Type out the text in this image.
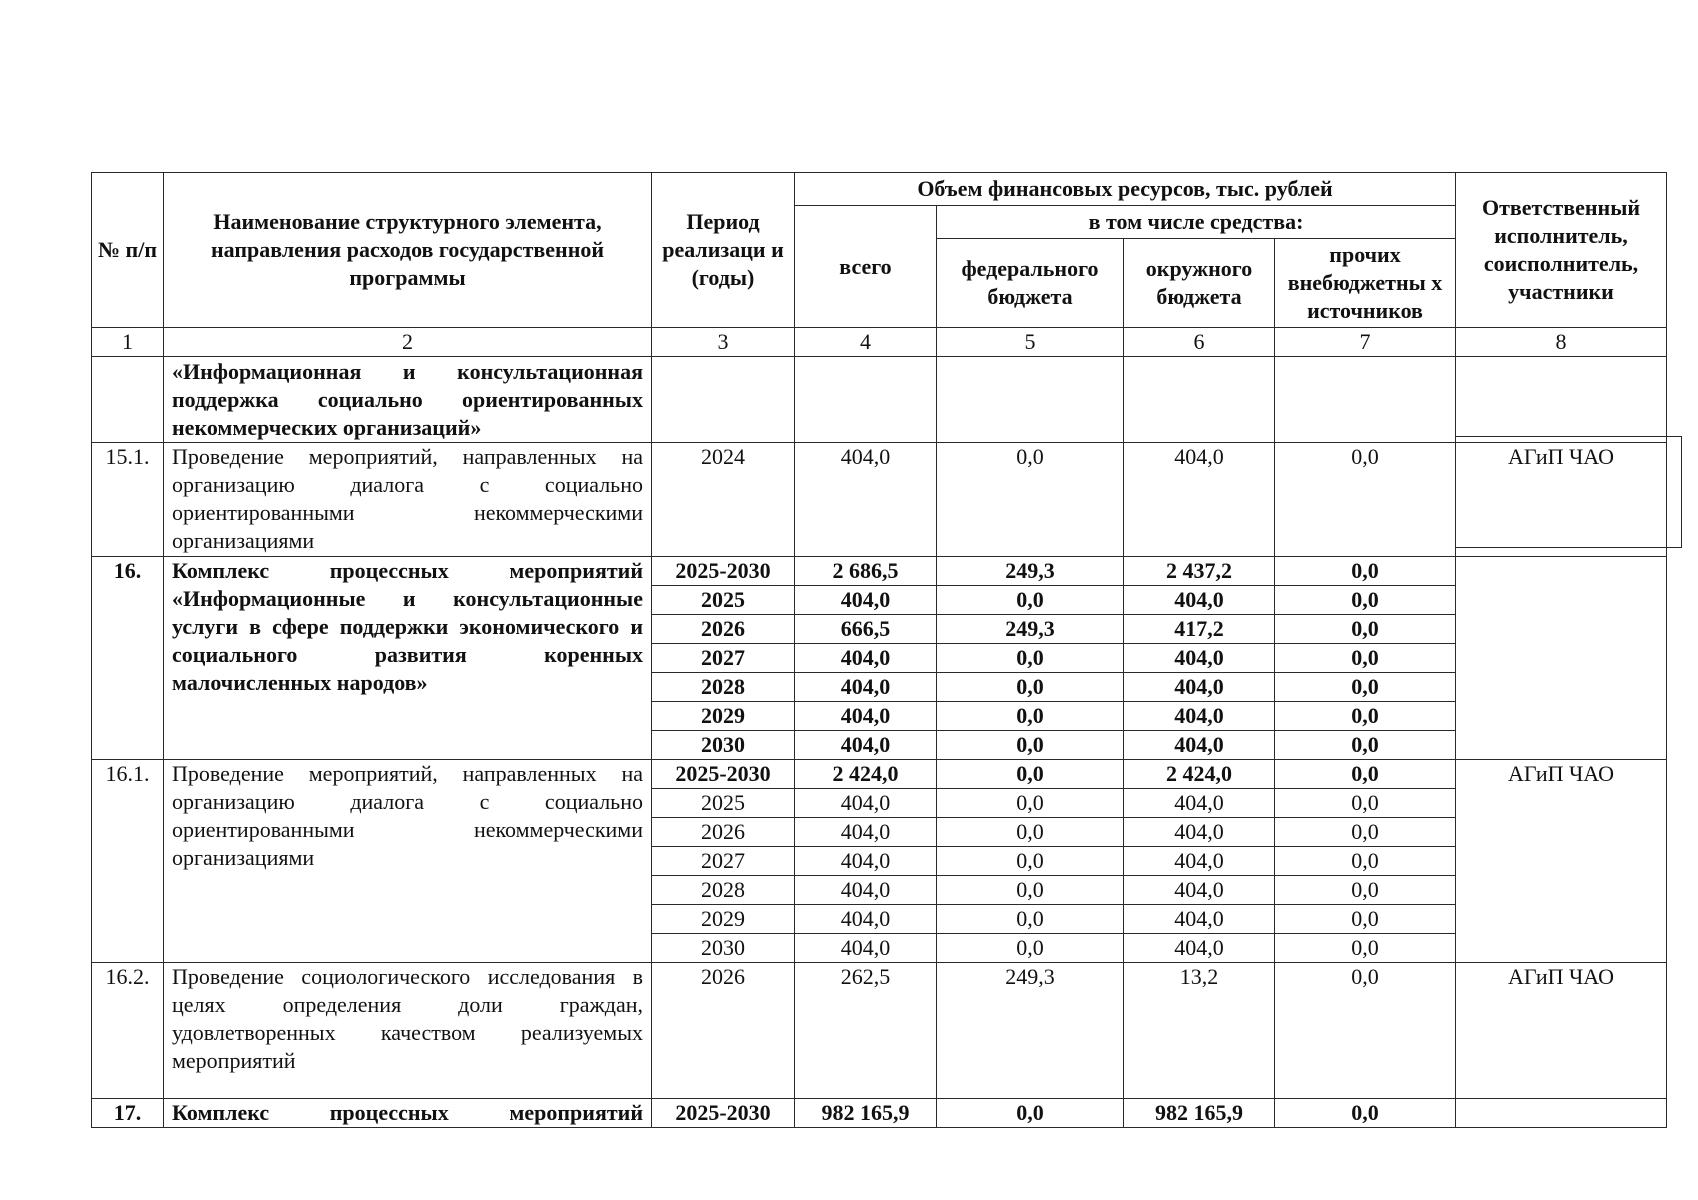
№ п/п	Наименование структурного элемента, направления расходов государственной программы	Период реализаци и (годы)	Объем финансовых ресурсов, тыс. рублей				Ответственный исполнитель, соисполнитель, участники
			всего	в том числе средства:			
				федерального бюджета	окружного бюджета	прочих внебюджетны х источников	
1	2	3	4	5	6	7	8
	«Информационная и консультационная поддержка социально ориентированных некоммерческих организаций»						
15.1.	Проведение мероприятий, направленных на организацию диалога с социально ориентированными некоммерческими организациями	2024	404,0	0,0	404,0	0,0	АГиП ЧАО
16.	Комплекс процессных мероприятий «Информационные и консультационные услуги в сфере поддержки экономического и социального развития коренных малочисленных народов»	2025-2030	2 686,5	249,3	2 437,2	0,0	
		2025	404,0	0,0	404,0	0,0	
		2026	666,5	249,3	417,2	0,0	
		2027	404,0	0,0	404,0	0,0	
		2028	404,0	0,0	404,0	0,0	
		2029	404,0	0,0	404,0	0,0	
		2030	404,0	0,0	404,0	0,0	
16.1.	Проведение мероприятий, направленных на организацию диалога с социально ориентированными некоммерческими организациями	2025-2030	2 424,0	0,0	2 424,0	0,0	АГиП ЧАО
		2025	404,0	0,0	404,0	0,0	
		2026	404,0	0,0	404,0	0,0	
		2027	404,0	0,0	404,0	0,0	
		2028	404,0	0,0	404,0	0,0	
		2029	404,0	0,0	404,0	0,0	
		2030	404,0	0,0	404,0	0,0	
16.2.	Проведение социологического исследования в целях определения доли граждан, удовлетворенных качеством реализуемых мероприятий	2026	262,5	249,3	13,2	0,0	АГиП ЧАО
17.	Комплекс процессных мероприятий	2025-2030	982 165,9	0,0	982 165,9	0,0	
